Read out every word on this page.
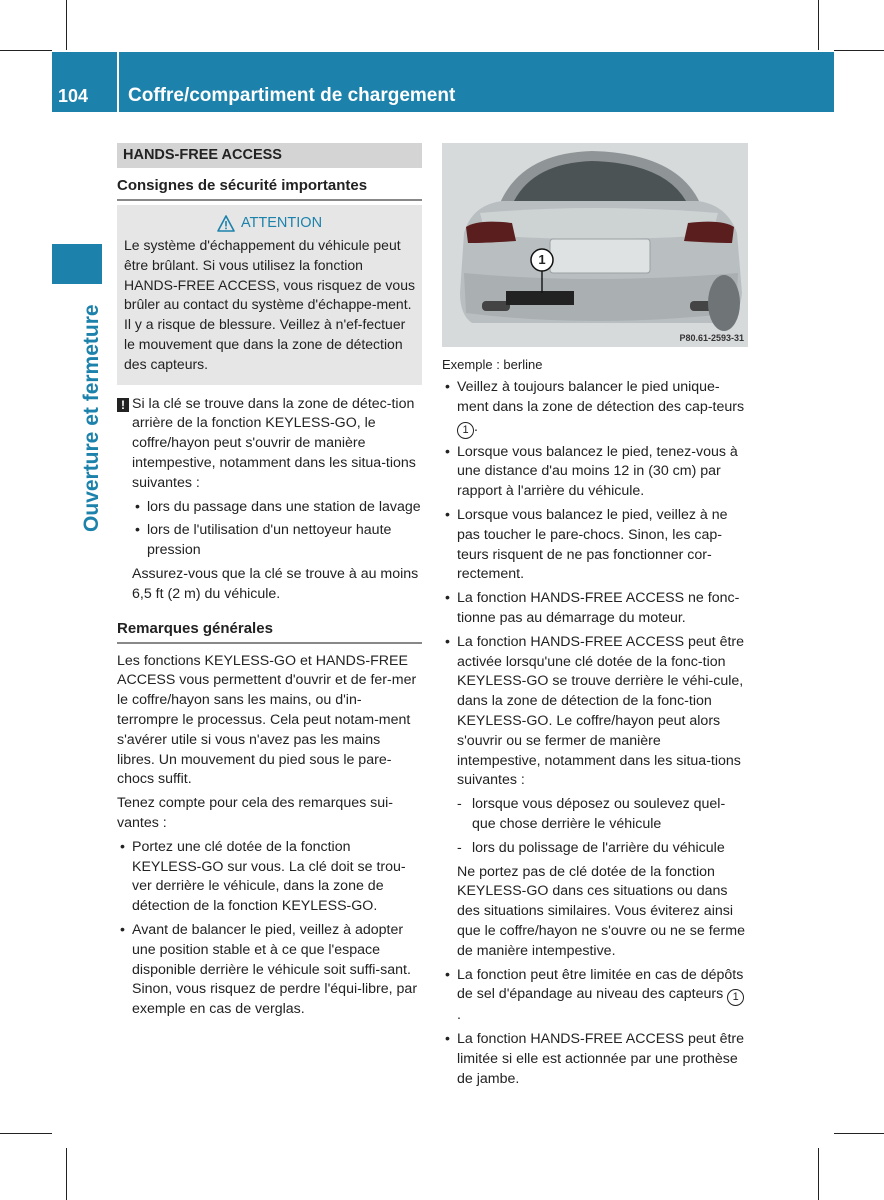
104	Coffre/compartiment de chargement
Ouverture et fermeture
HANDS-FREE ACCESS
Consignes de sécurité importantes
ATTENTION

Le système d'échappement du véhicule peut être brûlant. Si vous utilisez la fonction HANDS-FREE ACCESS, vous risquez de vous brûler au contact du système d'échappe-ment. Il y a risque de blessure. Veillez à n'ef-fectuer le mouvement que dans la zone de détection des capteurs.

! Si la clé se trouve dans la zone de détec-tion arrière de la fonction KEYLESS-GO, le coffre/hayon peut s'ouvrir de manière intempestive, notamment dans les situa-tions suivantes :

• lors du passage dans une station de lavage
• lors de l'utilisation d'un nettoyeur haute pression

Assurez-vous que la clé se trouve à au moins 6,5 ft (2 m) du véhicule.

Remarques générales

Les fonctions KEYLESS-GO et HANDS-FREE ACCESS vous permettent d'ouvrir et de fer-mer le coffre/hayon sans les mains, ou d'in-terrompre le processus. Cela peut notam-ment s'avérer utile si vous n'avez pas les mains libres. Un mouvement du pied sous le pare-chocs suffit.

Tenez compte pour cela des remarques sui-vantes :

• Portez une clé dotée de la fonction KEYLESS-GO sur vous. La clé doit se trou-ver derrière le véhicule, dans la zone de détection de la fonction KEYLESS-GO.
• Avant de balancer le pied, veillez à adopter une position stable et à ce que l'espace disponible derrière le véhicule soit suffi-sant. Sinon, vous risquez de perdre l'équi-libre, par exemple en cas de verglas.
1
P80.61-2593-31
Exemple : berline
• Veillez à toujours balancer le pied unique-ment dans la zone de détection des cap-teurs 1 .
• Lorsque vous balancez le pied, tenez-vous à une distance d'au moins 12 in (30 cm) par rapport à l'arrière du véhicule.
• Lorsque vous balancez le pied, veillez à ne pas toucher le pare-chocs. Sinon, les cap-teurs risquent de ne pas fonctionner cor-rectement.
• La fonction HANDS-FREE ACCESS ne fonc-tionne pas au démarrage du moteur.

• La fonction HANDS-FREE ACCESS peut être activée lorsqu'une clé dotée de la fonc-tion KEYLESS-GO se trouve derrière le véhi-cule, dans la zone de détection de la fonc-tion KEYLESS-GO. Le coffre/hayon peut alors s'ouvrir ou se fermer de manière intempestive, notamment dans les situa-tions suivantes :

- lorsque vous déposez ou soulevez quel-que chose derrière le véhicule
- lors du polissage de l'arrière du véhicule

Ne portez pas de clé dotée de la fonction KEYLESS-GO dans ces situations ou dans des situations similaires. Vous éviterez ainsi que le coffre/hayon ne s'ouvre ou ne se ferme de manière intempestive.

• La fonction peut être limitée en cas de dépôts de sel d'épandage au niveau des capteurs 1.
• La fonction HANDS-FREE ACCESS peut être limitée si elle est actionnée par une prothèse de jambe.
